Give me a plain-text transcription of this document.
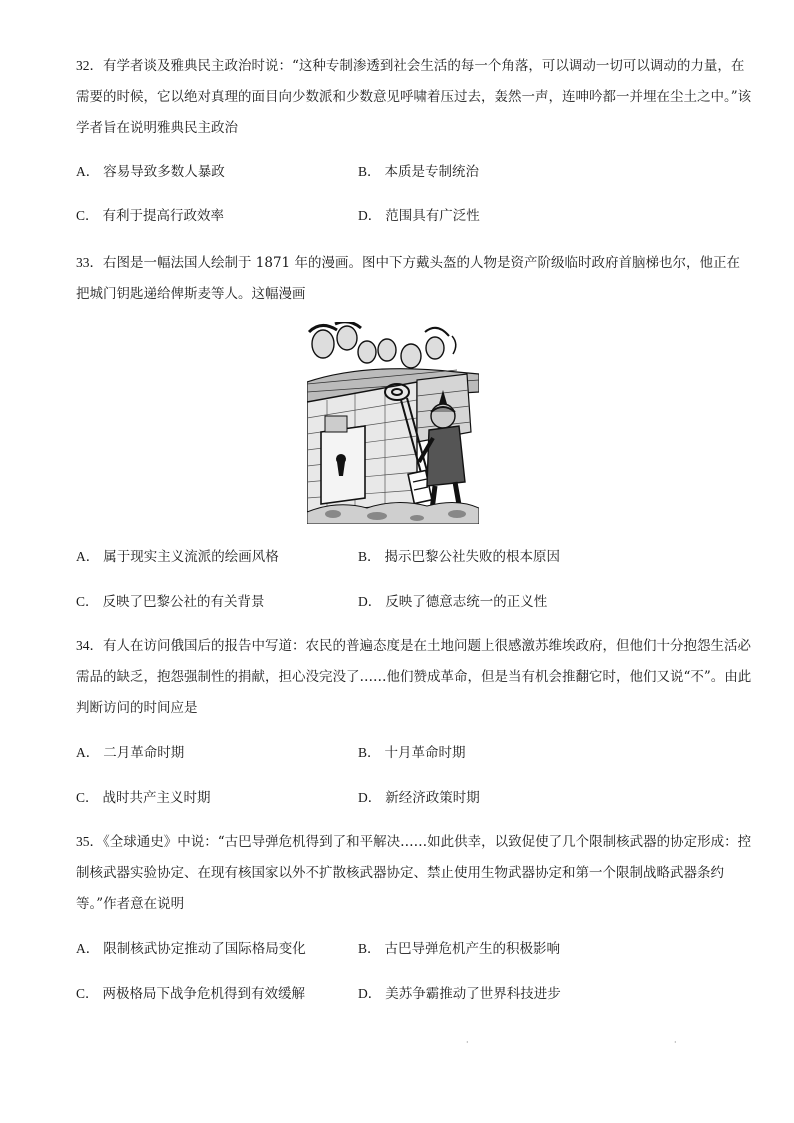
32．有学者谈及雅典民主政治时说：“这种专制渗透到社会生活的每一个角落，可以调动一切可以调动的力量，在需要的时候，它以绝对真理的面目向少数派和少数意见呼啸着压过去，轰然一声，连呻吟都一并埋在尘土之中。”该学者旨在说明雅典民主政治
A． 容易导致多数人暴政	B． 本质是专制统治
C． 有利于提高行政效率	D． 范围具有广泛性
33．右图是一幅法国人绘制于 1871 年的漫画。图中下方戴头盔的人物是资产阶级临时政府首脑梯也尔，他正在把城门钥匙递给俾斯麦等人。这幅漫画
A． 属于现实主义流派的绘画风格	B． 揭示巴黎公社失败的根本原因
C． 反映了巴黎公社的有关背景	D． 反映了德意志统一的正义性
34．有人在访问俄国后的报告中写道：农民的普遍态度是在土地问题上很感激苏维埃政府，但他们十分抱怨生活必需品的缺乏，抱怨强制性的捐献，担心没完没了……他们赞成革命，但是当有机会推翻它时，他们又说“不”。由此判断访问的时间应是
A． 二月革命时期	B． 十月革命时期
C． 战时共产主义时期	D． 新经济政策时期
35．《全球通史》中说：“古巴导弹危机得到了和平解决……如此供幸，以致促使了几个限制核武器的协定形成：控制核武器实验协定、在现有核国家以外不扩散核武器协定、禁止使用生物武器协定和第一个限制战略武器条约等。”作者意在说明
A． 限制核武协定推动了国际格局变化	B． 古巴导弹危机产生的积极影响
C． 两极格局下战争危机得到有效缓解	D． 美苏争霸推动了世界科技进步
·	·
